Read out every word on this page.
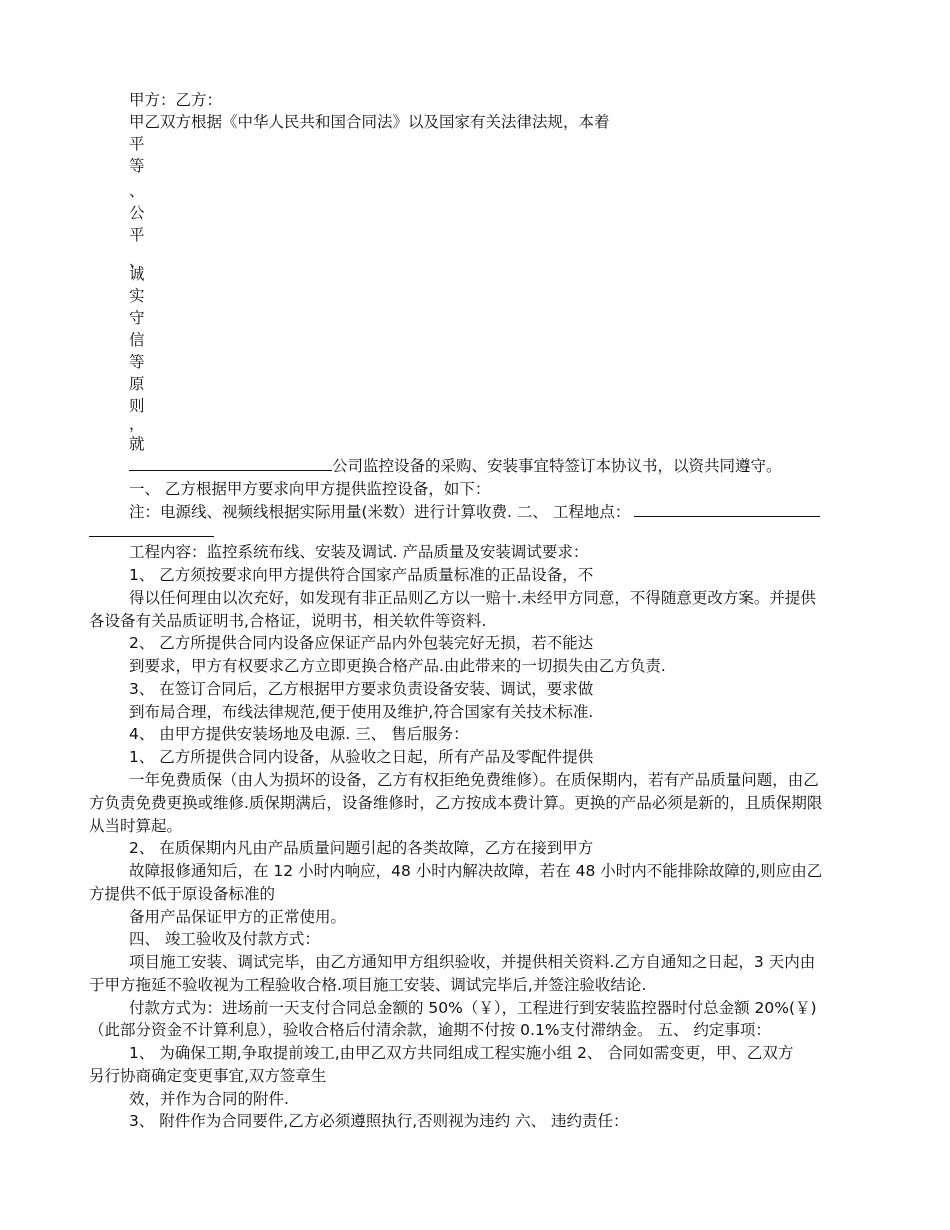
甲方：乙方：
甲乙双方根据《中华人民共和国合同法》以及国家有关法律法规，本着
平
等
、
公
平
、
诚
实
守
信
等
原
则
，
就
公司监控设备的采购、安装事宜特签订本协议书，以资共同遵守。
一、 乙方根据甲方要求向甲方提供监控设备，如下：
注：电源线、视频线根据实际用量(米数）进行计算收费. 二、 工程地点：
工程内容：监控系统布线、安装及调试. 产品质量及安装调试要求：
1、 乙方须按要求向甲方提供符合国家产品质量标准的正品设备，不
得以任何理由以次充好，如发现有非正品则乙方以一赔十.未经甲方同意，不得随意更改方案。并提供
各设备有关品质证明书,合格证，说明书，相关软件等资料.
2、 乙方所提供合同内设备应保证产品内外包装完好无损，若不能达
到要求，甲方有权要求乙方立即更换合格产品.由此带来的一切损失由乙方负责.
3、 在签订合同后，乙方根据甲方要求负责设备安装、调试，要求做
到布局合理，布线法律规范,便于使用及维护,符合国家有关技术标准.
4、 由甲方提供安装场地及电源. 三、 售后服务：
1、 乙方所提供合同内设备，从验收之日起，所有产品及零配件提供
一年免费质保（由人为损坏的设备，乙方有权拒绝免费维修）。在质保期内，若有产品质量问题，由乙
方负责免费更换或维修.质保期满后，设备维修时，乙方按成本费计算。更换的产品必须是新的，且质保期限
从当时算起。
2、 在质保期内凡由产品质量问题引起的各类故障，乙方在接到甲方
故障报修通知后，在 12 小时内响应，48 小时内解决故障，若在 48 小时内不能排除故障的,则应由乙
方提供不低于原设备标准的
备用产品保证甲方的正常使用。
四、 竣工验收及付款方式：
项目施工安装、调试完毕，由乙方通知甲方组织验收，并提供相关资料.乙方自通知之日起，3 天内由
于甲方拖延不验收视为工程验收合格.项目施工安装、调试完毕后,并签注验收结论.
付款方式为：进场前一天支付合同总金额的 50%（￥），工程进行到安装监控器时付总金额 20%(￥)
（此部分资金不计算利息），验收合格后付清余款，逾期不付按 0.1%支付滞纳金。 五、 约定事项：
1、 为确保工期,争取提前竣工,由甲乙双方共同组成工程实施小组 2、 合同如需变更，甲、乙双方
另行协商确定变更事宜,双方签章生
效，并作为合同的附件.
3、 附件作为合同要件,乙方必须遵照执行,否则视为违约 六、 违约责任：
